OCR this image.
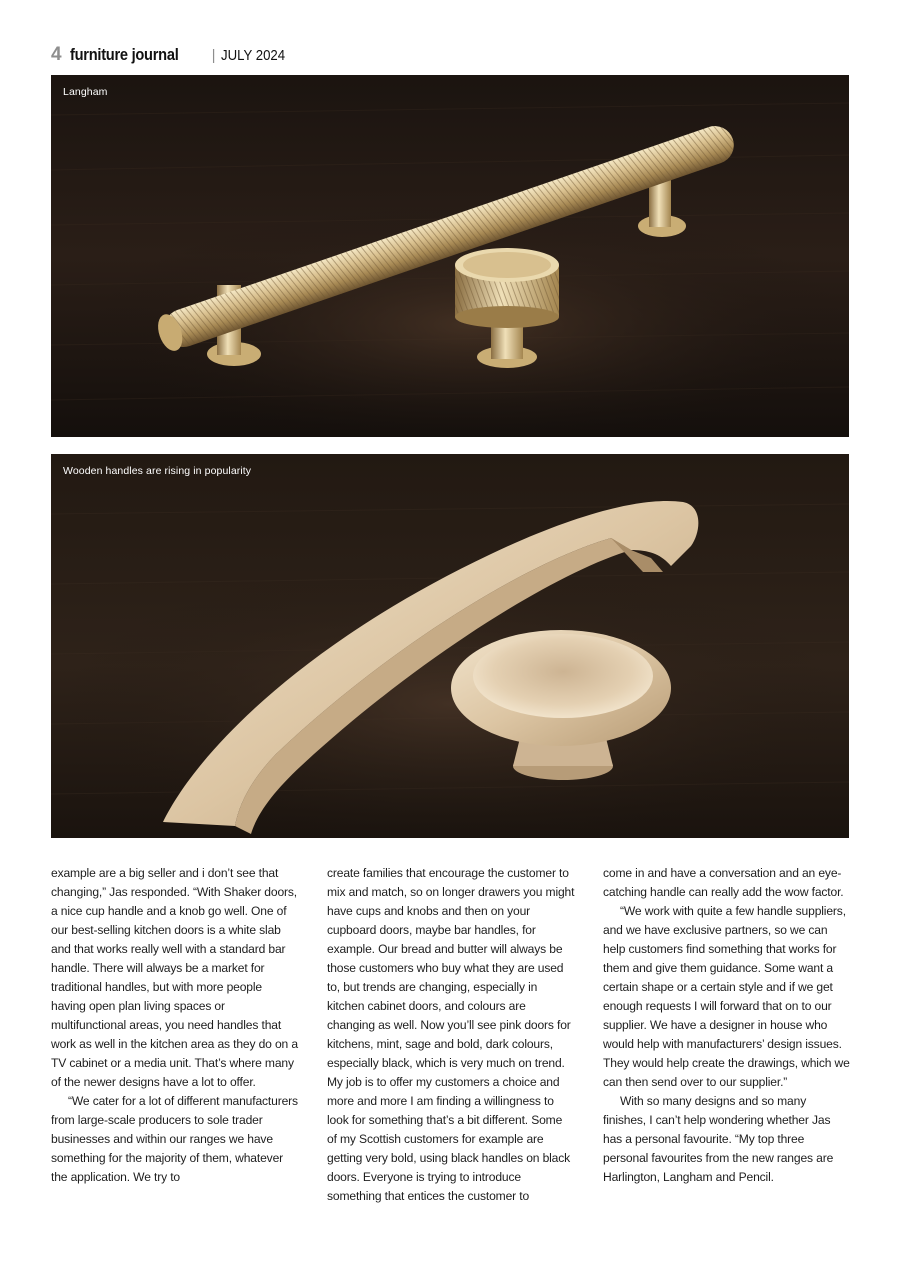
4 furniture journal	| JULY 2024
Langham
Wooden handles are rising in popularity

example are a big seller and i don’t see that changing,” Jas responded. “With Shaker doors, a nice cup handle and a knob go well. One of our best-selling kitchen doors is a white slab and that works really well with a standard bar handle. There will always be a market for traditional handles, but with more people having open plan living spaces or multifunctional areas, you need handles that work as well in the kitchen area as they do on a TV cabinet or a media unit. That’s where many of the newer designs have a lot to offer.

“We cater for a lot of different manufacturers from large-scale producers to sole trader businesses and within our ranges we have something for the majority of them, whatever the application. We try to

create families that encourage the customer to mix and match, so on longer drawers you might have cups and knobs and then on your cupboard doors, maybe bar handles, for example. Our bread and butter will always be those customers who buy what they are used to, but trends are changing, especially in kitchen cabinet doors, and colours are changing as well. Now you’ll see pink doors for kitchens, mint, sage and bold, dark colours, especially black, which is very much on trend. My job is to offer my customers a choice and more and more I am finding a willingness to look for something that’s a bit different. Some of my Scottish customers for example are getting very bold, using black handles on black doors. Everyone is trying to introduce something that entices the customer to

come in and have a conversation and an eye-catching handle can really add the wow factor.

“We work with quite a few handle suppliers, and we have exclusive partners, so we can help customers find something that works for them and give them guidance. Some want a certain shape or a certain style and if we get enough requests I will forward that on to our supplier. We have a designer in house who would help with manufacturers’ design issues. They would help create the drawings, which we can then send over to our supplier.”

With so many designs and so many finishes, I can’t help wondering whether Jas has a personal favourite. “My top three personal favourites from the new ranges are Harlington, Langham and Pencil.
